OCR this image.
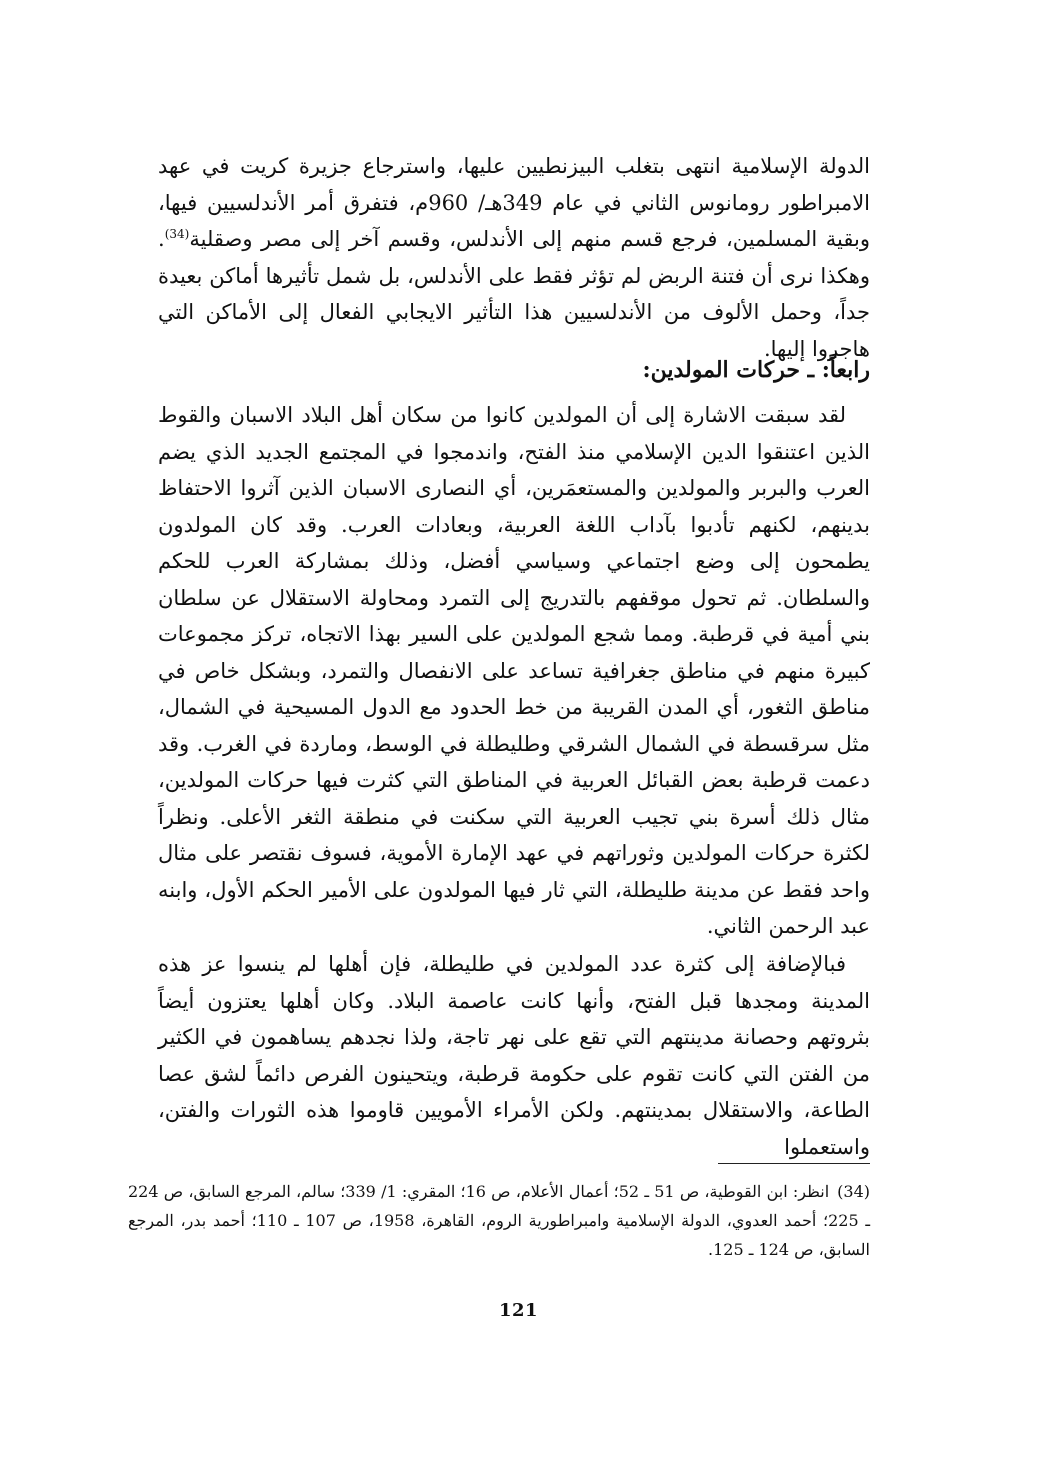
الدولة الإسلامية انتهى بتغلب البيزنطيين عليها، واسترجاع جزيرة كريت في عهد الامبراطور رومانوس الثاني في عام 349هـ/ 960م، فتفرق أمر الأندلسيين فيها، وبقية المسلمين، فرجع قسم منهم إلى الأندلس، وقسم آخر إلى مصر وصقلية$^{(34)}$. وهكذا نرى أن فتنة الربض لم تؤثر فقط على الأندلس، بل شمل تأثيرها أماكن بعيدة جداً، وحمل الألوف من الأندلسيين هذا التأثير الايجابي الفعال إلى الأماكن التي هاجروا إليها.

رابعاً: ـ حركات المولدين:

لقد سبقت الاشارة إلى أن المولدين كانوا من سكان أهل البلاد الاسبان والقوط الذين اعتنقوا الدين الإسلامي منذ الفتح، واندمجوا في المجتمع الجديد الذي يضم العرب والبربر والمولدين والمستعمَرين، أي النصارى الاسبان الذين آثروا الاحتفاظ بدينهم، لكنهم تأدبوا بآداب اللغة العربية، وبعادات العرب. وقد كان المولدون يطمحون إلى وضع اجتماعي وسياسي أفضل، وذلك بمشاركة العرب للحكم والسلطان. ثم تحول موقفهم بالتدريج إلى التمرد ومحاولة الاستقلال عن سلطان بني أمية في قرطبة. ومما شجع المولدين على السير بهذا الاتجاه، تركز مجموعات كبيرة منهم في مناطق جغرافية تساعد على الانفصال والتمرد، وبشكل خاص في مناطق الثغور، أي المدن القريبة من خط الحدود مع الدول المسيحية في الشمال، مثل سرقسطة في الشمال الشرقي وطليطلة في الوسط، وماردة في الغرب. وقد دعمت قرطبة بعض القبائل العربية في المناطق التي كثرت فيها حركات المولدين، مثال ذلك أسرة بني تجيب العربية التي سكنت في منطقة الثغر الأعلى. ونظراً لكثرة حركات المولدين وثوراتهم في عهد الإمارة الأموية، فسوف نقتصر على مثال واحد فقط عن مدينة طليطلة، التي ثار فيها المولدون على الأمير الحكم الأول، وابنه عبد الرحمن الثاني.

فبالإضافة إلى كثرة عدد المولدين في طليطلة، فإن أهلها لم ينسوا عز هذه المدينة ومجدها قبل الفتح، وأنها كانت عاصمة البلاد. وكان أهلها يعتزون أيضاً بثروتهم وحصانة مدينتهم التي تقع على نهر تاجة، ولذا نجدهم يساهمون في الكثير من الفتن التي كانت تقوم على حكومة قرطبة، ويتحينون الفرص دائماً لشق عصا الطاعة، والاستقلال بمدينتهم. ولكن الأمراء الأمويين قاوموا هذه الثورات والفتن، واستعملوا

(34)انظر: ابن القوطية، ص 51 ـ 52؛ أعمال الأعلام، ص 16؛ المقري: 1/ 339؛ سالم، المرجع السابق، ص 224 ـ 225؛ أحمد العدوي، الدولة الإسلامية وامبراطورية الروم، القاهرة، 1958، ص 107 ـ 110؛ أحمد بدر، المرجع السابق، ص 124 ـ 125.

121
